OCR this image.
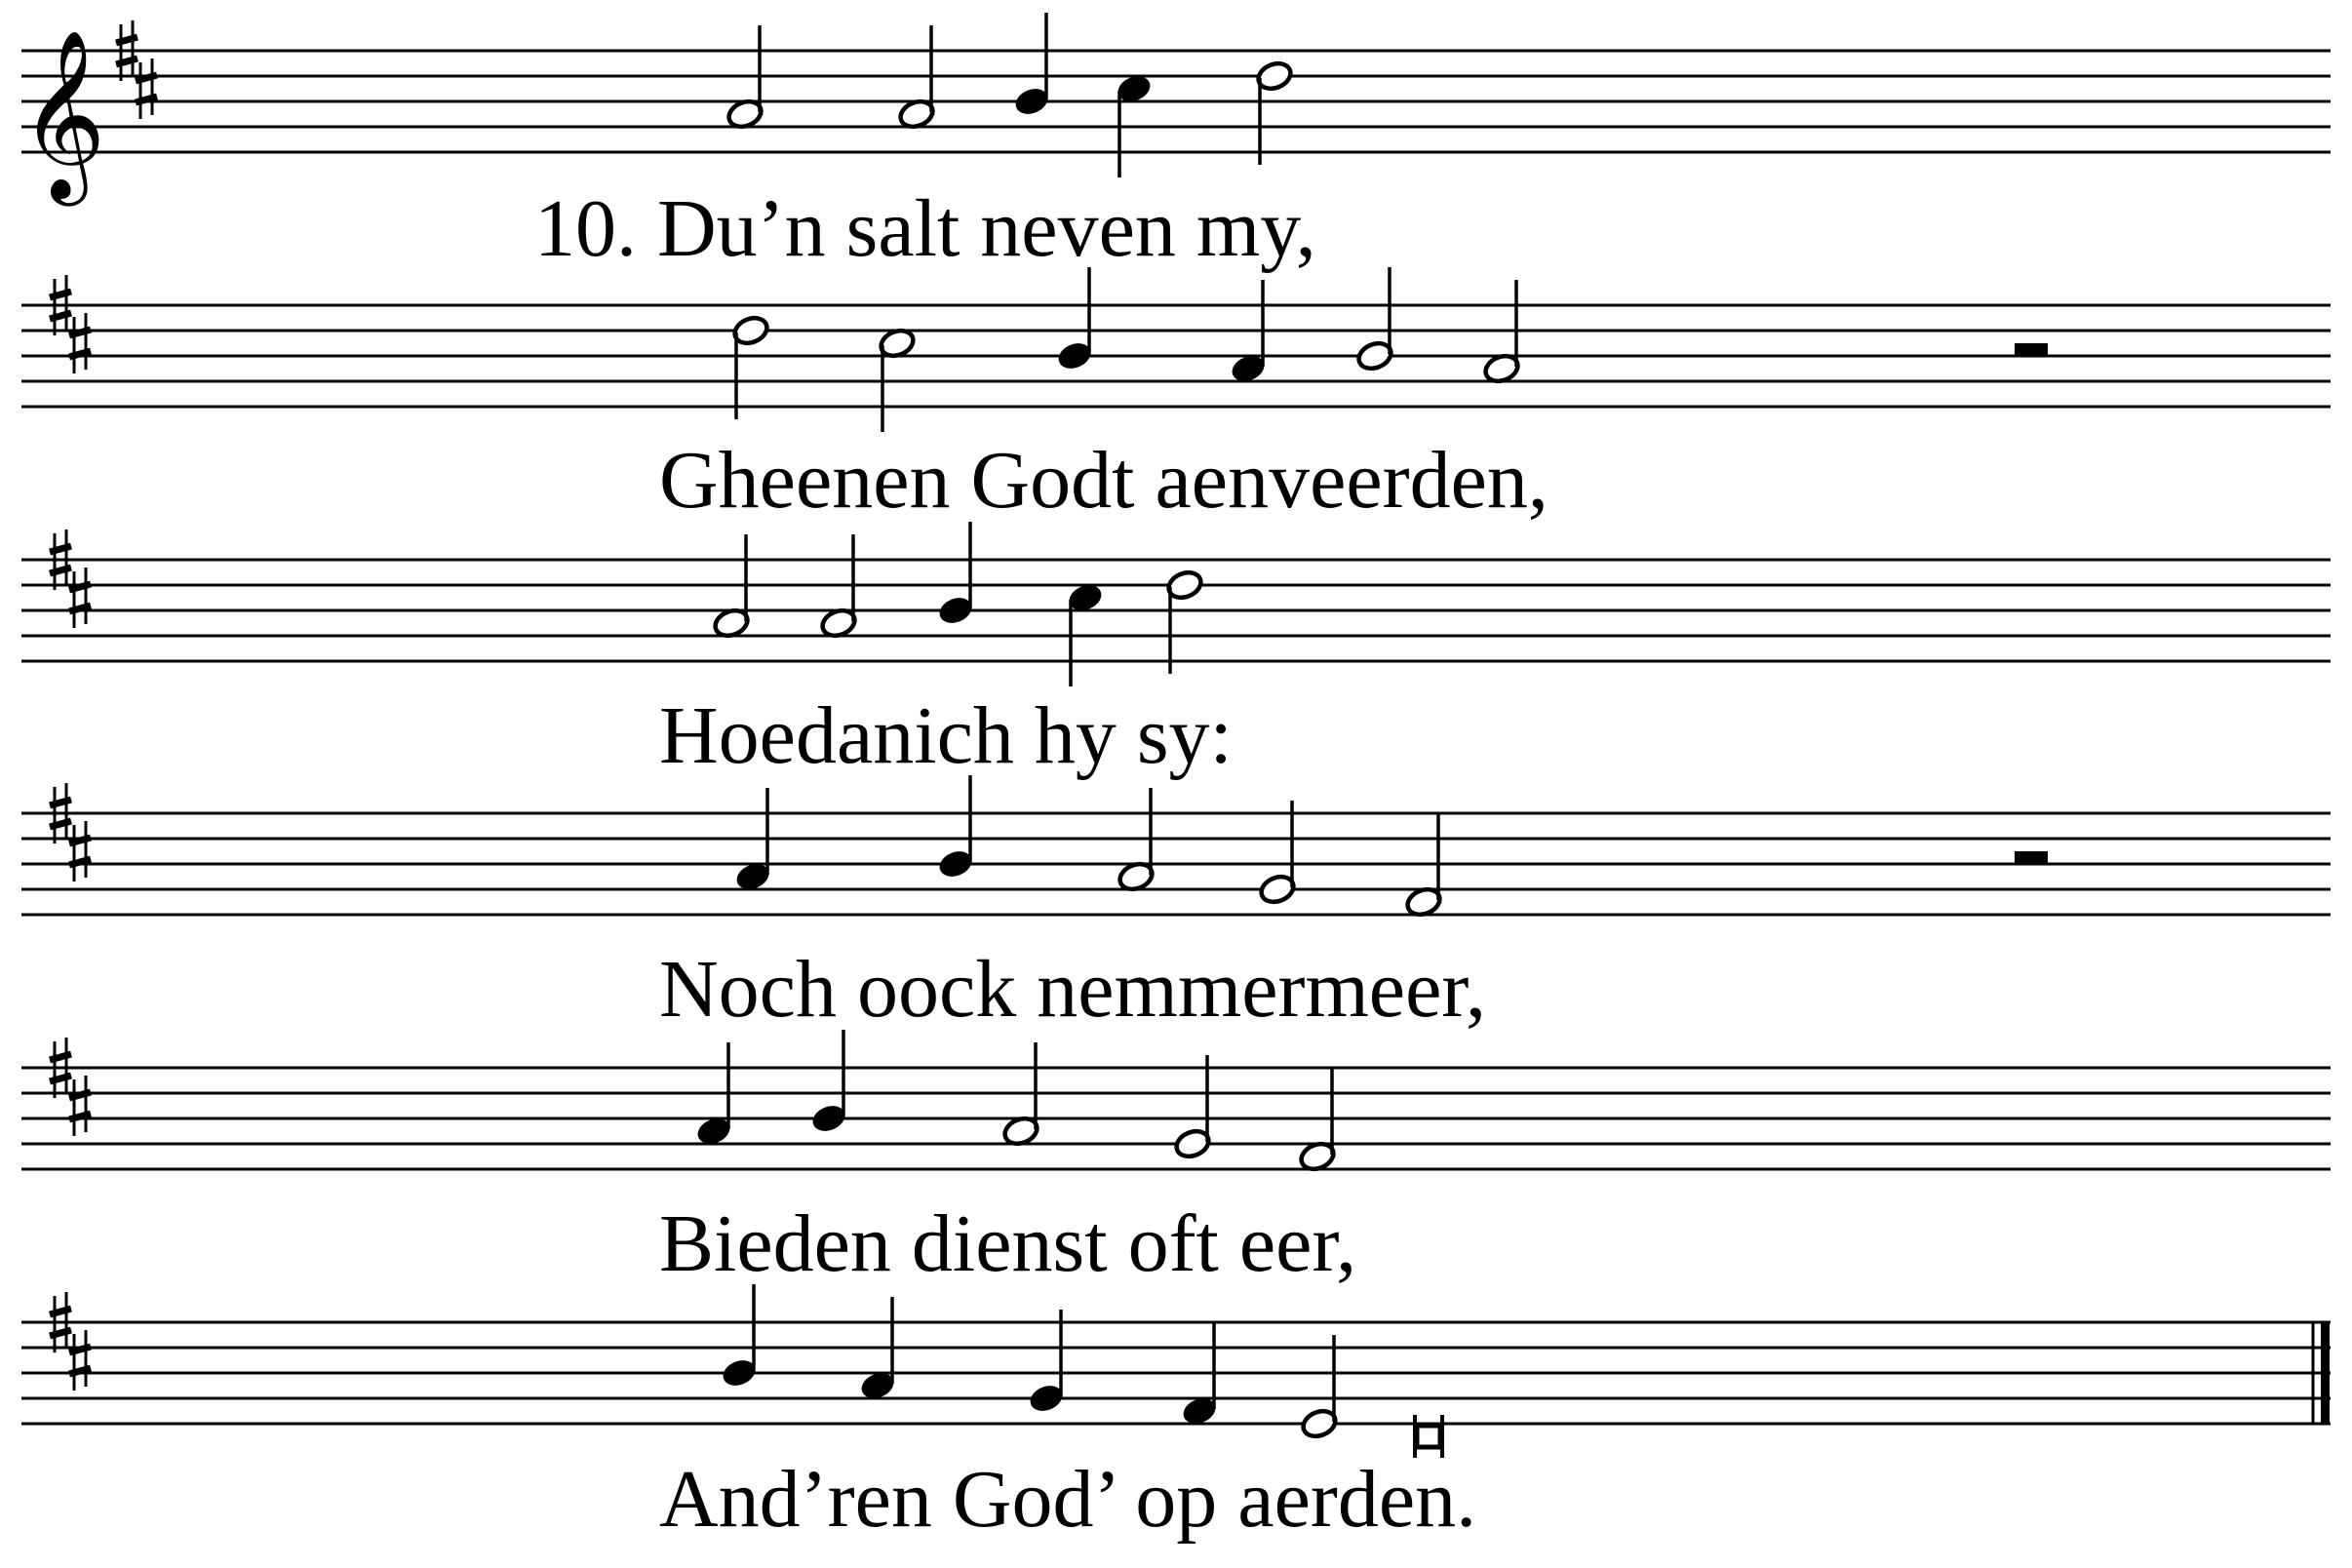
𝄞
10. Du’n salt neven my,
Gheenen Godt aenveerden,
Hoedanich hy sy:
Noch oock nemmermeer,
Bieden dienst oft eer,
And’ren God’ op aerden.
